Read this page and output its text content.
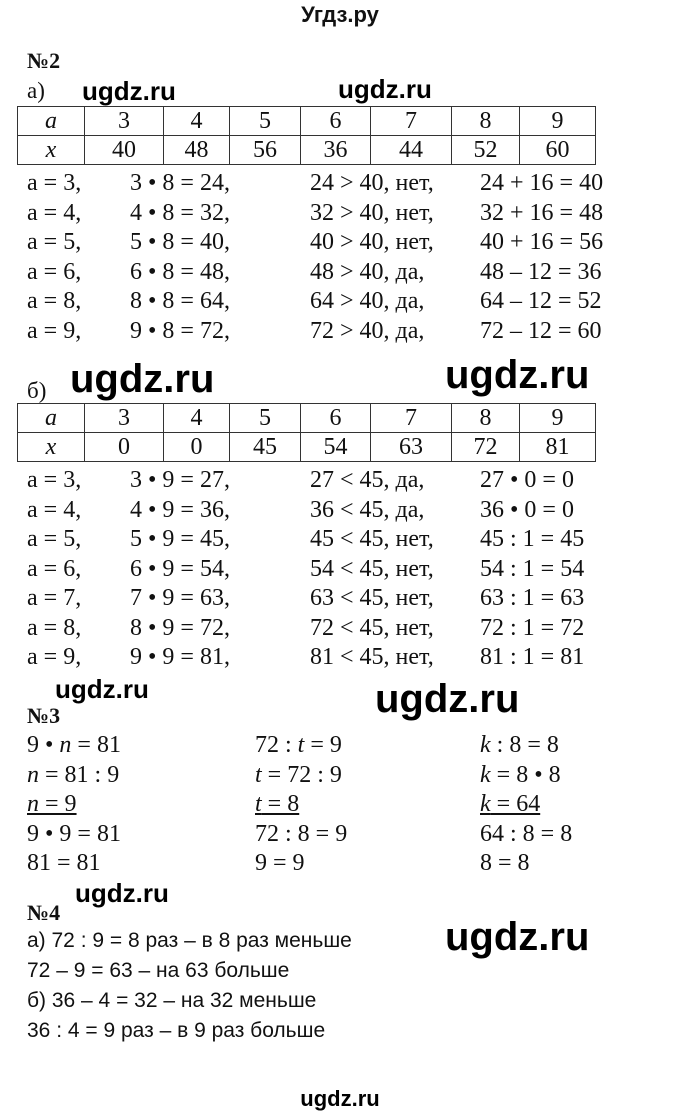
Угдз.ру
№2
а)
a	3	4	5	6	7	8	9
x	40	48	56	36	44	52	60
а = 3, 3 • 8 = 24,	24 > 40, нет, 24 + 16 = 40
а = 4, 4 • 8 = 32,	32 > 40, нет, 32 + 16 = 48
а = 5, 5 • 8 = 40,	40 > 40, нет, 40 + 16 = 56
а = 6, 6 • 8 = 48,	48 > 40, да, 48 – 12 = 36
а = 8, 8 • 8 = 64,	64 > 40, да, 64 – 12 = 52
а = 9, 9 • 8 = 72,	72 > 40, да, 72 – 12 = 60
б)
a	3	4	5	6	7	8	9
x	0	0	45	54	63	72	81
а = 3, 3 • 9 = 27,	27 < 45, да, 27 • 0 = 0
а = 4, 4 • 9 = 36,	36 < 45, да, 36 • 0 = 0
а = 5, 5 • 9 = 45,	45 < 45, нет, 45 : 1 = 45
а = 6, 6 • 9 = 54,	54 < 45, нет, 54 : 1 = 54
а = 7, 7 • 9 = 63,	63 < 45, нет, 63 : 1 = 63
а = 8, 8 • 9 = 72,	72 < 45, нет, 72 : 1 = 72
а = 9, 9 • 9 = 81,	81 < 45, нет, 81 : 1 = 81
№3
9 • n = 81
n = 81 : 9
n = 9
9 • 9 = 81
81 = 81
72 : t = 9
t = 72 : 9
t = 8
72 : 8 = 9
9 = 9
k : 8 = 8
k = 8 • 8
k = 64
64 : 8 = 8
8 = 8
№4
а) 72 : 9 = 8 раз – в 8 раз меньше
72 – 9 = 63 – на 63 больше
б) 36 – 4 = 32 – на 32 меньше
36 : 4 = 9 раз – в 9 раз больше
ugdz.ru	ugdz.ru
ugdz.ru
ugdz.ru
ugdz.ru	ugdz.ru
ugdz.ru
ugdz.ru
ugdz.ru
